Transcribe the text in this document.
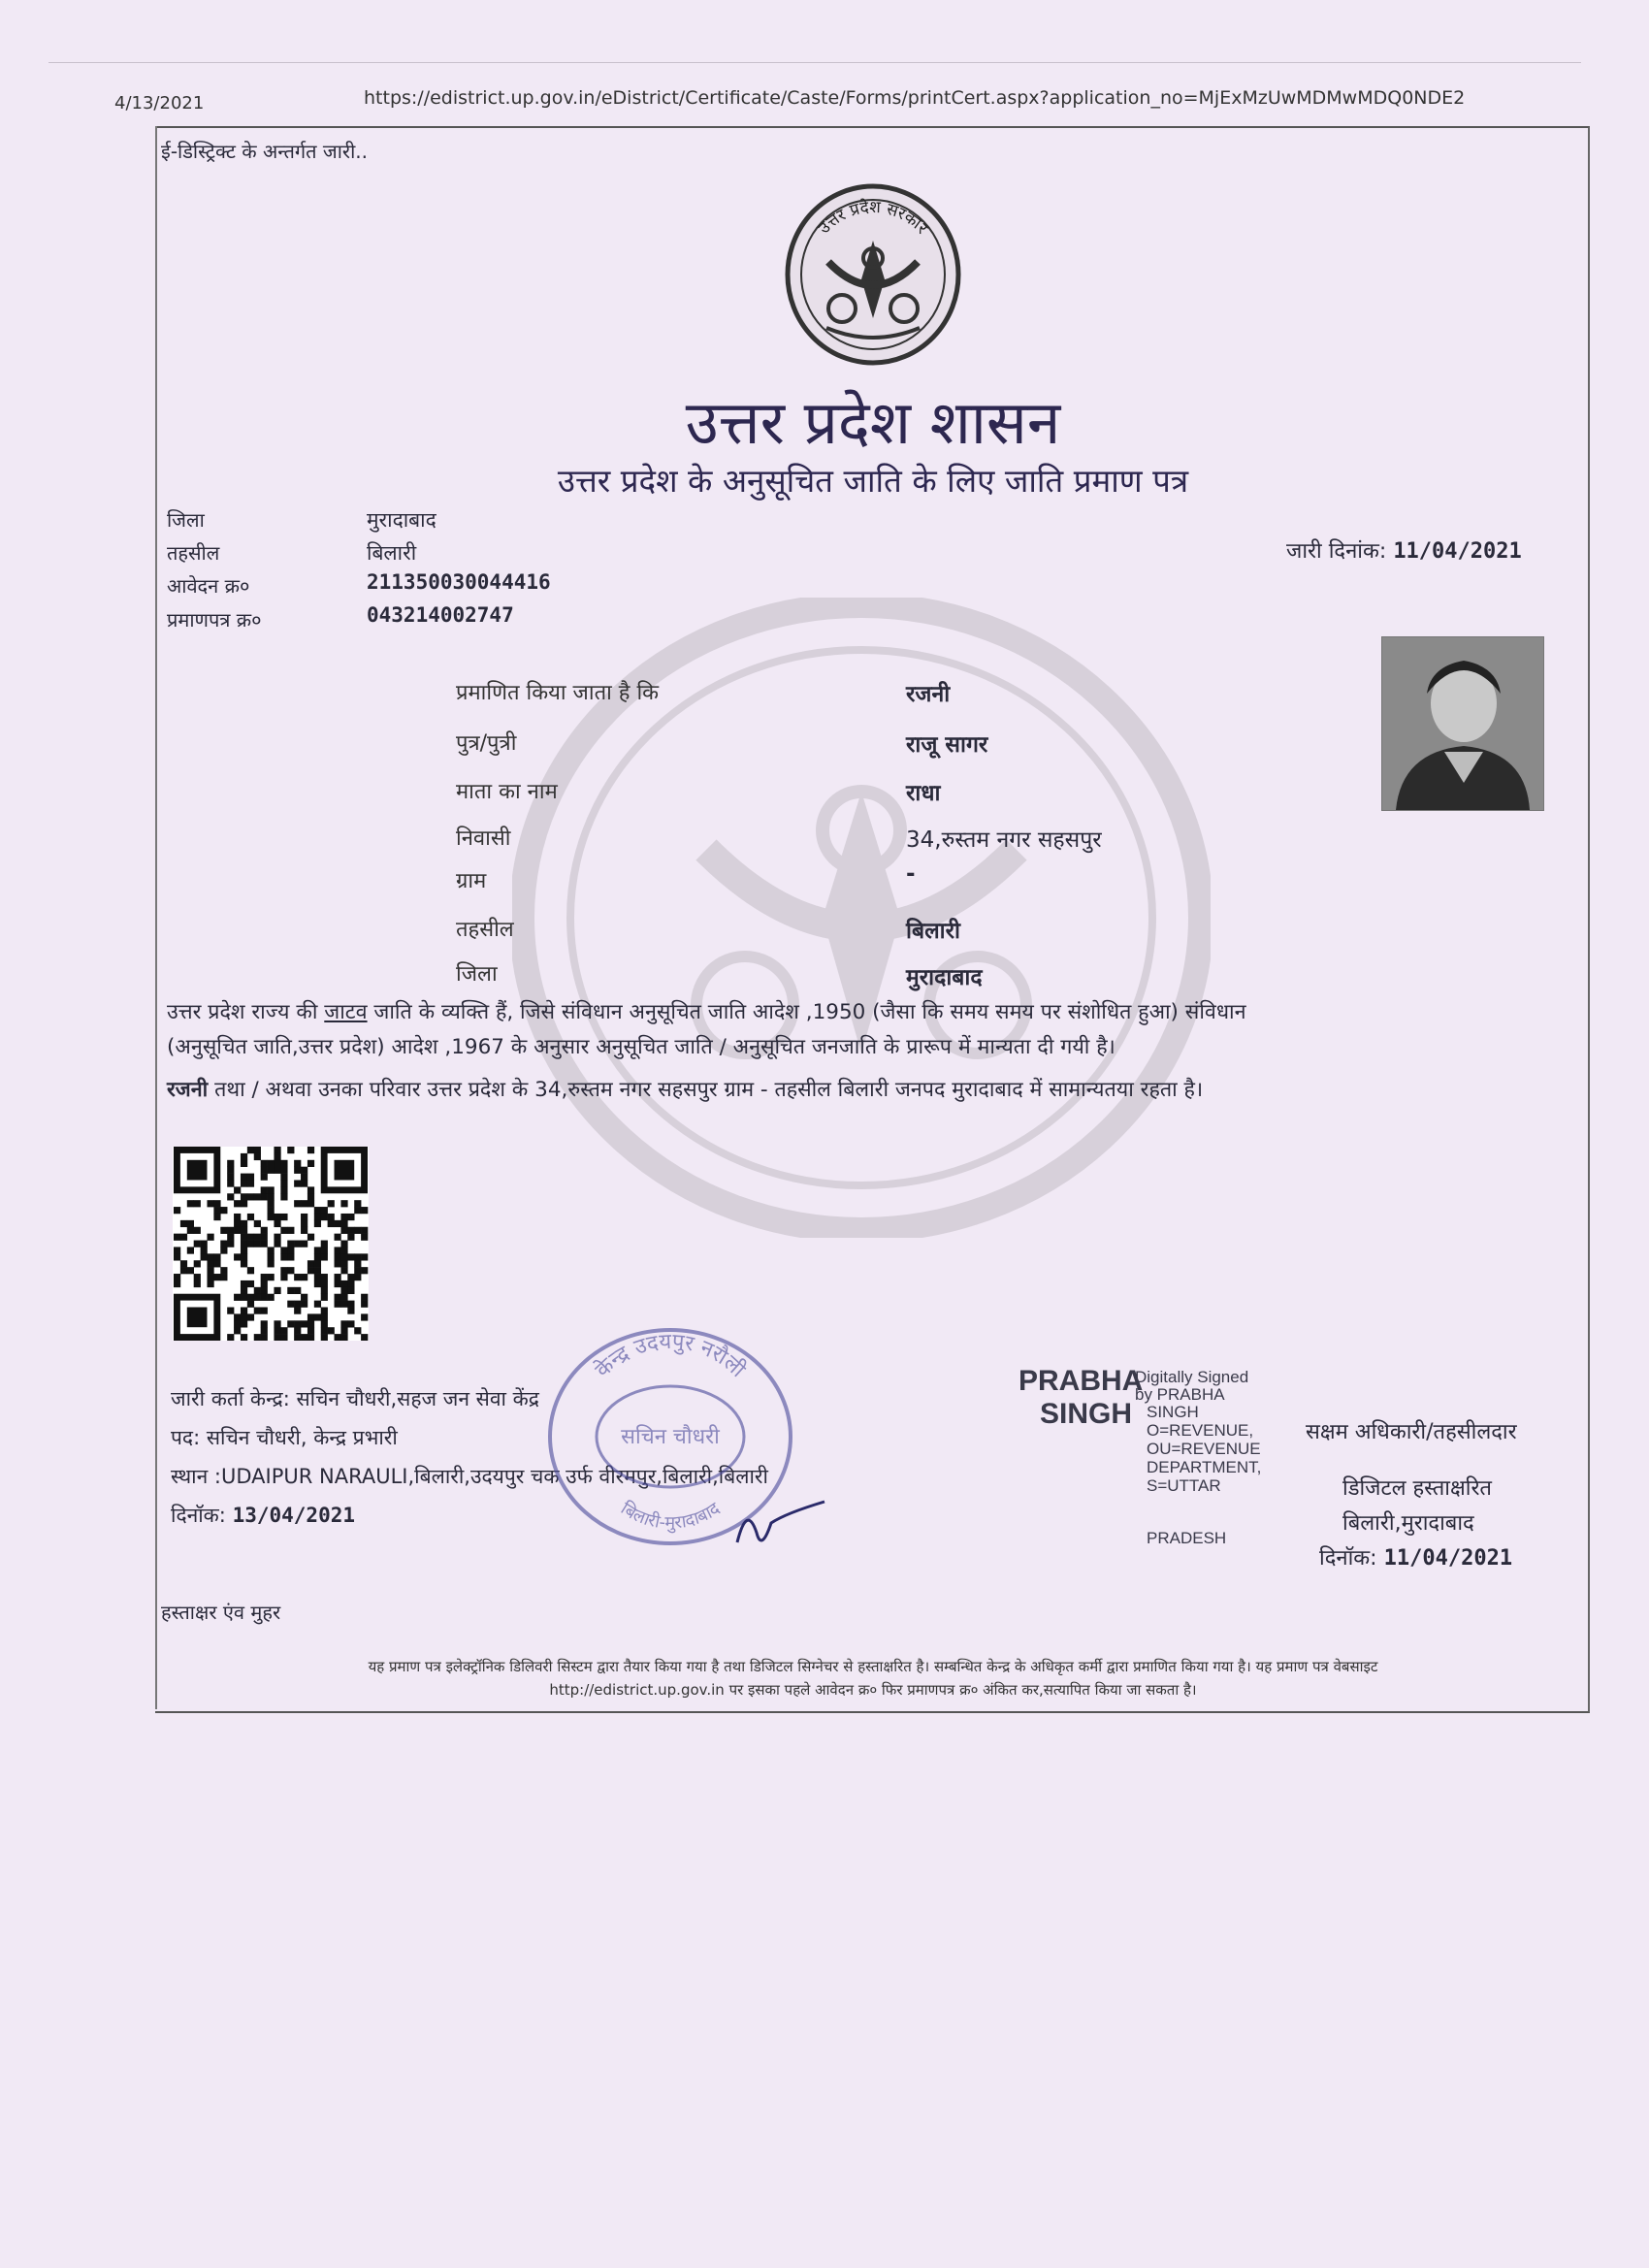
4/13/2021	https://edistrict.up.gov.in/eDistrict/Certificate/Caste/Forms/printCert.aspx?application_no=MjExMzUwMDMwMDQ0NDE2
ई-डिस्ट्रिक्ट के अन्तर्गत जारी..
उत्तर प्रदेश सरकार
उत्तर प्रदेश शासन
उत्तर प्रदेश के अनुसूचित जाति के लिए जाति प्रमाण पत्र
जिला	मुरादाबाद
तहसील	बिलारी
आवेदन क्र०	211350030044416
प्रमाणपत्र क्र०	043214002747
जारी दिनांक: 11/04/2021
प्रमाणित किया जाता है कि	रजनी
पुत्र/पुत्री	राजू सागर
माता का नाम	राधा
निवासी	34,रुस्तम नगर सहसपुर
ग्राम	-
तहसील	बिलारी
जिला	मुरादाबाद
उत्तर प्रदेश राज्य की जाटव जाति के व्यक्ति हैं, जिसे संविधान अनुसूचित जाति आदेश ,1950 (जैसा कि समय समय पर संशोधित हुआ) संविधान
(अनुसूचित जाति,उत्तर प्रदेश) आदेश ,1967 के अनुसार अनुसूचित जाति / अनुसूचित जनजाति के प्रारूप में मान्यता दी गयी है।
रजनी तथा / अथवा उनका परिवार उत्तर प्रदेश के 34,रुस्तम नगर सहसपुर ग्राम - तहसील बिलारी जनपद मुरादाबाद में सामान्यतया रहता है।
जारी कर्ता केन्द्र: सचिन चौधरी,सहज जन सेवा केंद्र
पद: सचिन चौधरी, केन्द्र प्रभारी
स्थान :UDAIPUR NARAULI,बिलारी,उदयपुर चक उर्फ वीरमपुर,बिलारी,बिलारी
दिनॉक: 13/04/2021
केन्द्र उदयपुर नरौली
सचिन चौधरी
बिलारी-मुरादाबाद
PRABHA
SINGH
Digitally Signed
by PRABHA
SINGH
O=REVENUE,
OU=REVENUE
DEPARTMENT,
S=UTTAR
PRADESH
सक्षम अधिकारी/तहसीलदार
डिजिटल हस्ताक्षरित
बिलारी,मुरादाबाद
दिनॉक: 11/04/2021
हस्ताक्षर एंव मुहर
यह प्रमाण पत्र इलेक्ट्रॉनिक डिलिवरी सिस्टम द्वारा तैयार किया गया है तथा डिजिटल सिग्नेचर से हस्ताक्षरित है। सम्बन्धित केन्द्र के अधिकृत कर्मी द्वारा प्रमाणित किया गया है। यह प्रमाण पत्र वेबसाइट
http://edistrict.up.gov.in पर इसका पहले आवेदन क्र० फिर प्रमाणपत्र क्र० अंकित कर,सत्यापित किया जा सकता है।
